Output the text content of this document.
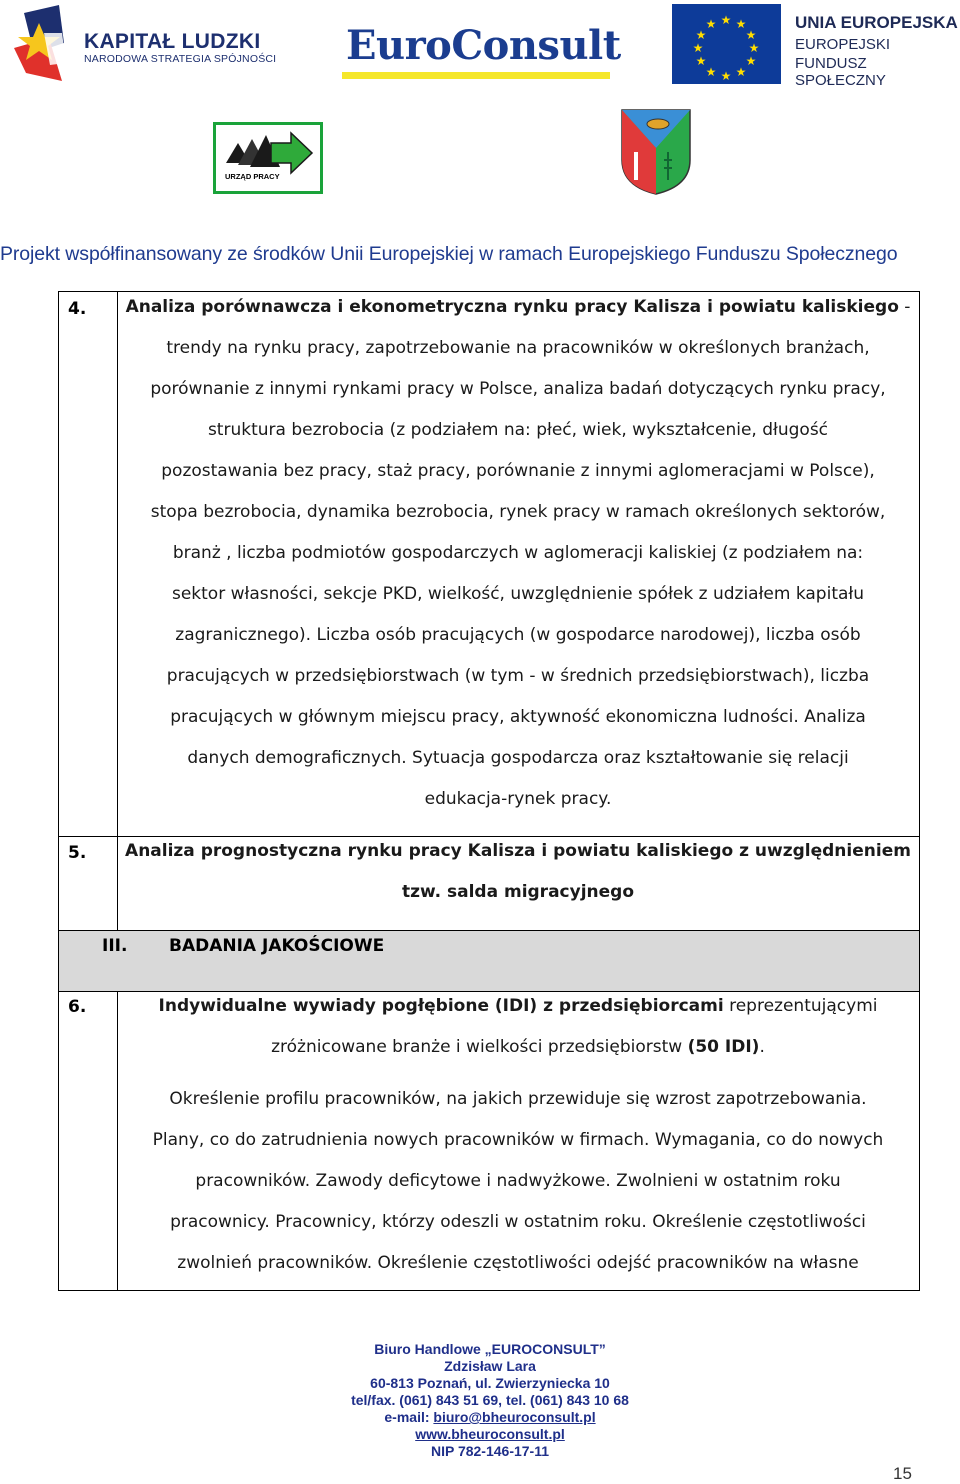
KAPITAŁ LUDZKI
NARODOWA STRATEGIA SPÓJNOŚCI EuroConsult
★ ★
★
★
★
★
★
★
★
★
★
★	UNIA EUROPEJSKA
EUROPEJSKI
FUNDUSZ SPOŁECZNY
URZĄD PRACY
Projekt współfinansowany ze środków Unii Europejskiej w ramach Europejskiego Funduszu Społecznego
4.	Analiza porównawcza i ekonometryczna rynku pracy Kalisza i powiatu kaliskiego -
trendy na rynku pracy, zapotrzebowanie na pracowników w określonych branżach,
porównanie z innymi rynkami pracy w Polsce, analiza badań dotyczących rynku pracy,
struktura bezrobocia (z podziałem na: płeć, wiek, wykształcenie, długość
pozostawania bez pracy, staż pracy, porównanie z innymi aglomeracjami w Polsce),
stopa bezrobocia, dynamika bezrobocia, rynek pracy w ramach określonych sektorów,
branż , liczba podmiotów gospodarczych w aglomeracji kaliskiej (z podziałem na:
sektor własności, sekcje PKD, wielkość, uwzględnienie spółek z udziałem kapitału
zagranicznego). Liczba osób pracujących (w gospodarce narodowej), liczba osób
pracujących w przedsiębiorstwach (w tym - w średnich przedsiębiorstwach), liczba
pracujących w głównym miejscu pracy, aktywność ekonomiczna ludności. Analiza
danych demograficznych. Sytuacja gospodarcza oraz kształtowanie się relacji
edukacja-rynek pracy.
5.	Analiza prognostyczna rynku pracy Kalisza i powiatu kaliskiego z uwzględnieniem
tzw. salda migracyjnego
III. BADANIA JAKOŚCIOWE
6.	Indywidualne wywiady pogłębione (IDI) z przedsiębiorcami reprezentującymi
zróżnicowane branże i wielkości przedsiębiorstw (50 IDI).
Określenie profilu pracowników, na jakich przewiduje się wzrost zapotrzebowania.
Plany, co do zatrudnienia nowych pracowników w firmach. Wymagania, co do nowych
pracowników. Zawody deficytowe i nadwyżkowe. Zwolnieni w ostatnim roku
pracownicy. Pracownicy, którzy odeszli w ostatnim roku. Określenie częstotliwości
zwolnień pracowników. Określenie częstotliwości odejść pracowników na własne
Biuro Handlowe „EUROCONSULT”
Zdzisław Lara
60-813 Poznań, ul. Zwierzyniecka 10
tel/fax. (061) 843 51 69, tel. (061) 843 10 68
e-mail: biuro@bheuroconsult.pl
www.bheuroconsult.pl
NIP 782-146-17-11
15
